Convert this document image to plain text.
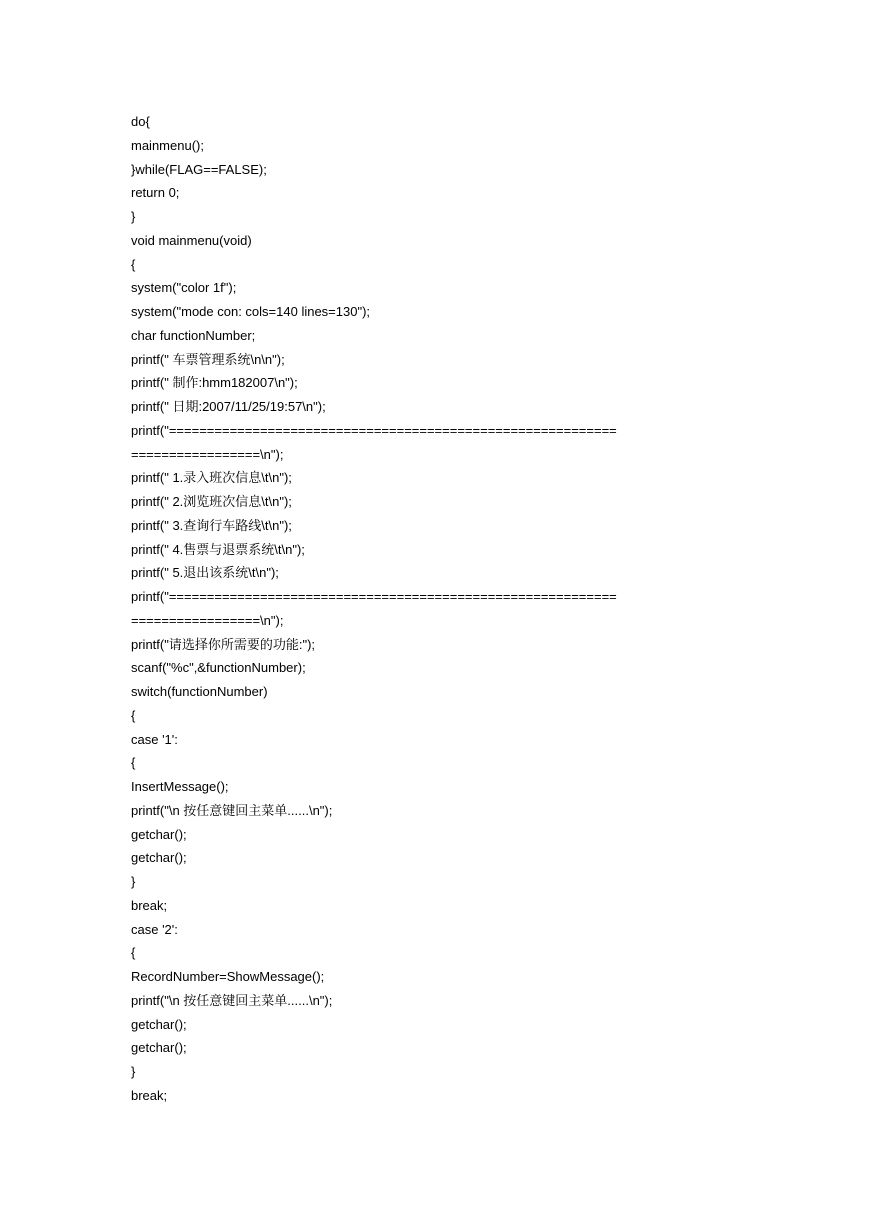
do{
mainmenu();
}while(FLAG==FALSE);
return 0;
}
void mainmenu(void)
{
system("color 1f");
system("mode con: cols=140 lines=130");
char functionNumber;
printf(" 车票管理系统\n\n");
printf(" 制作:hmm182007\n");
printf(" 日期:2007/11/25/19:57\n");
printf("===========================================================
=================\n");
printf(" 1.录入班次信息\t\n");
printf(" 2.浏览班次信息\t\n");
printf(" 3.查询行车路线\t\n");
printf(" 4.售票与退票系统\t\n");
printf(" 5.退出该系统\t\n");
printf("===========================================================
=================\n");
printf("请选择你所需要的功能:");
scanf("%c",&functionNumber);
switch(functionNumber)
{
case '1':
{
InsertMessage();
printf("\n 按任意键回主菜单......\n");
getchar();
getchar();
}
break;
case '2':
{
RecordNumber=ShowMessage();
printf("\n 按任意键回主菜单......\n");
getchar();
getchar();
}
break;
